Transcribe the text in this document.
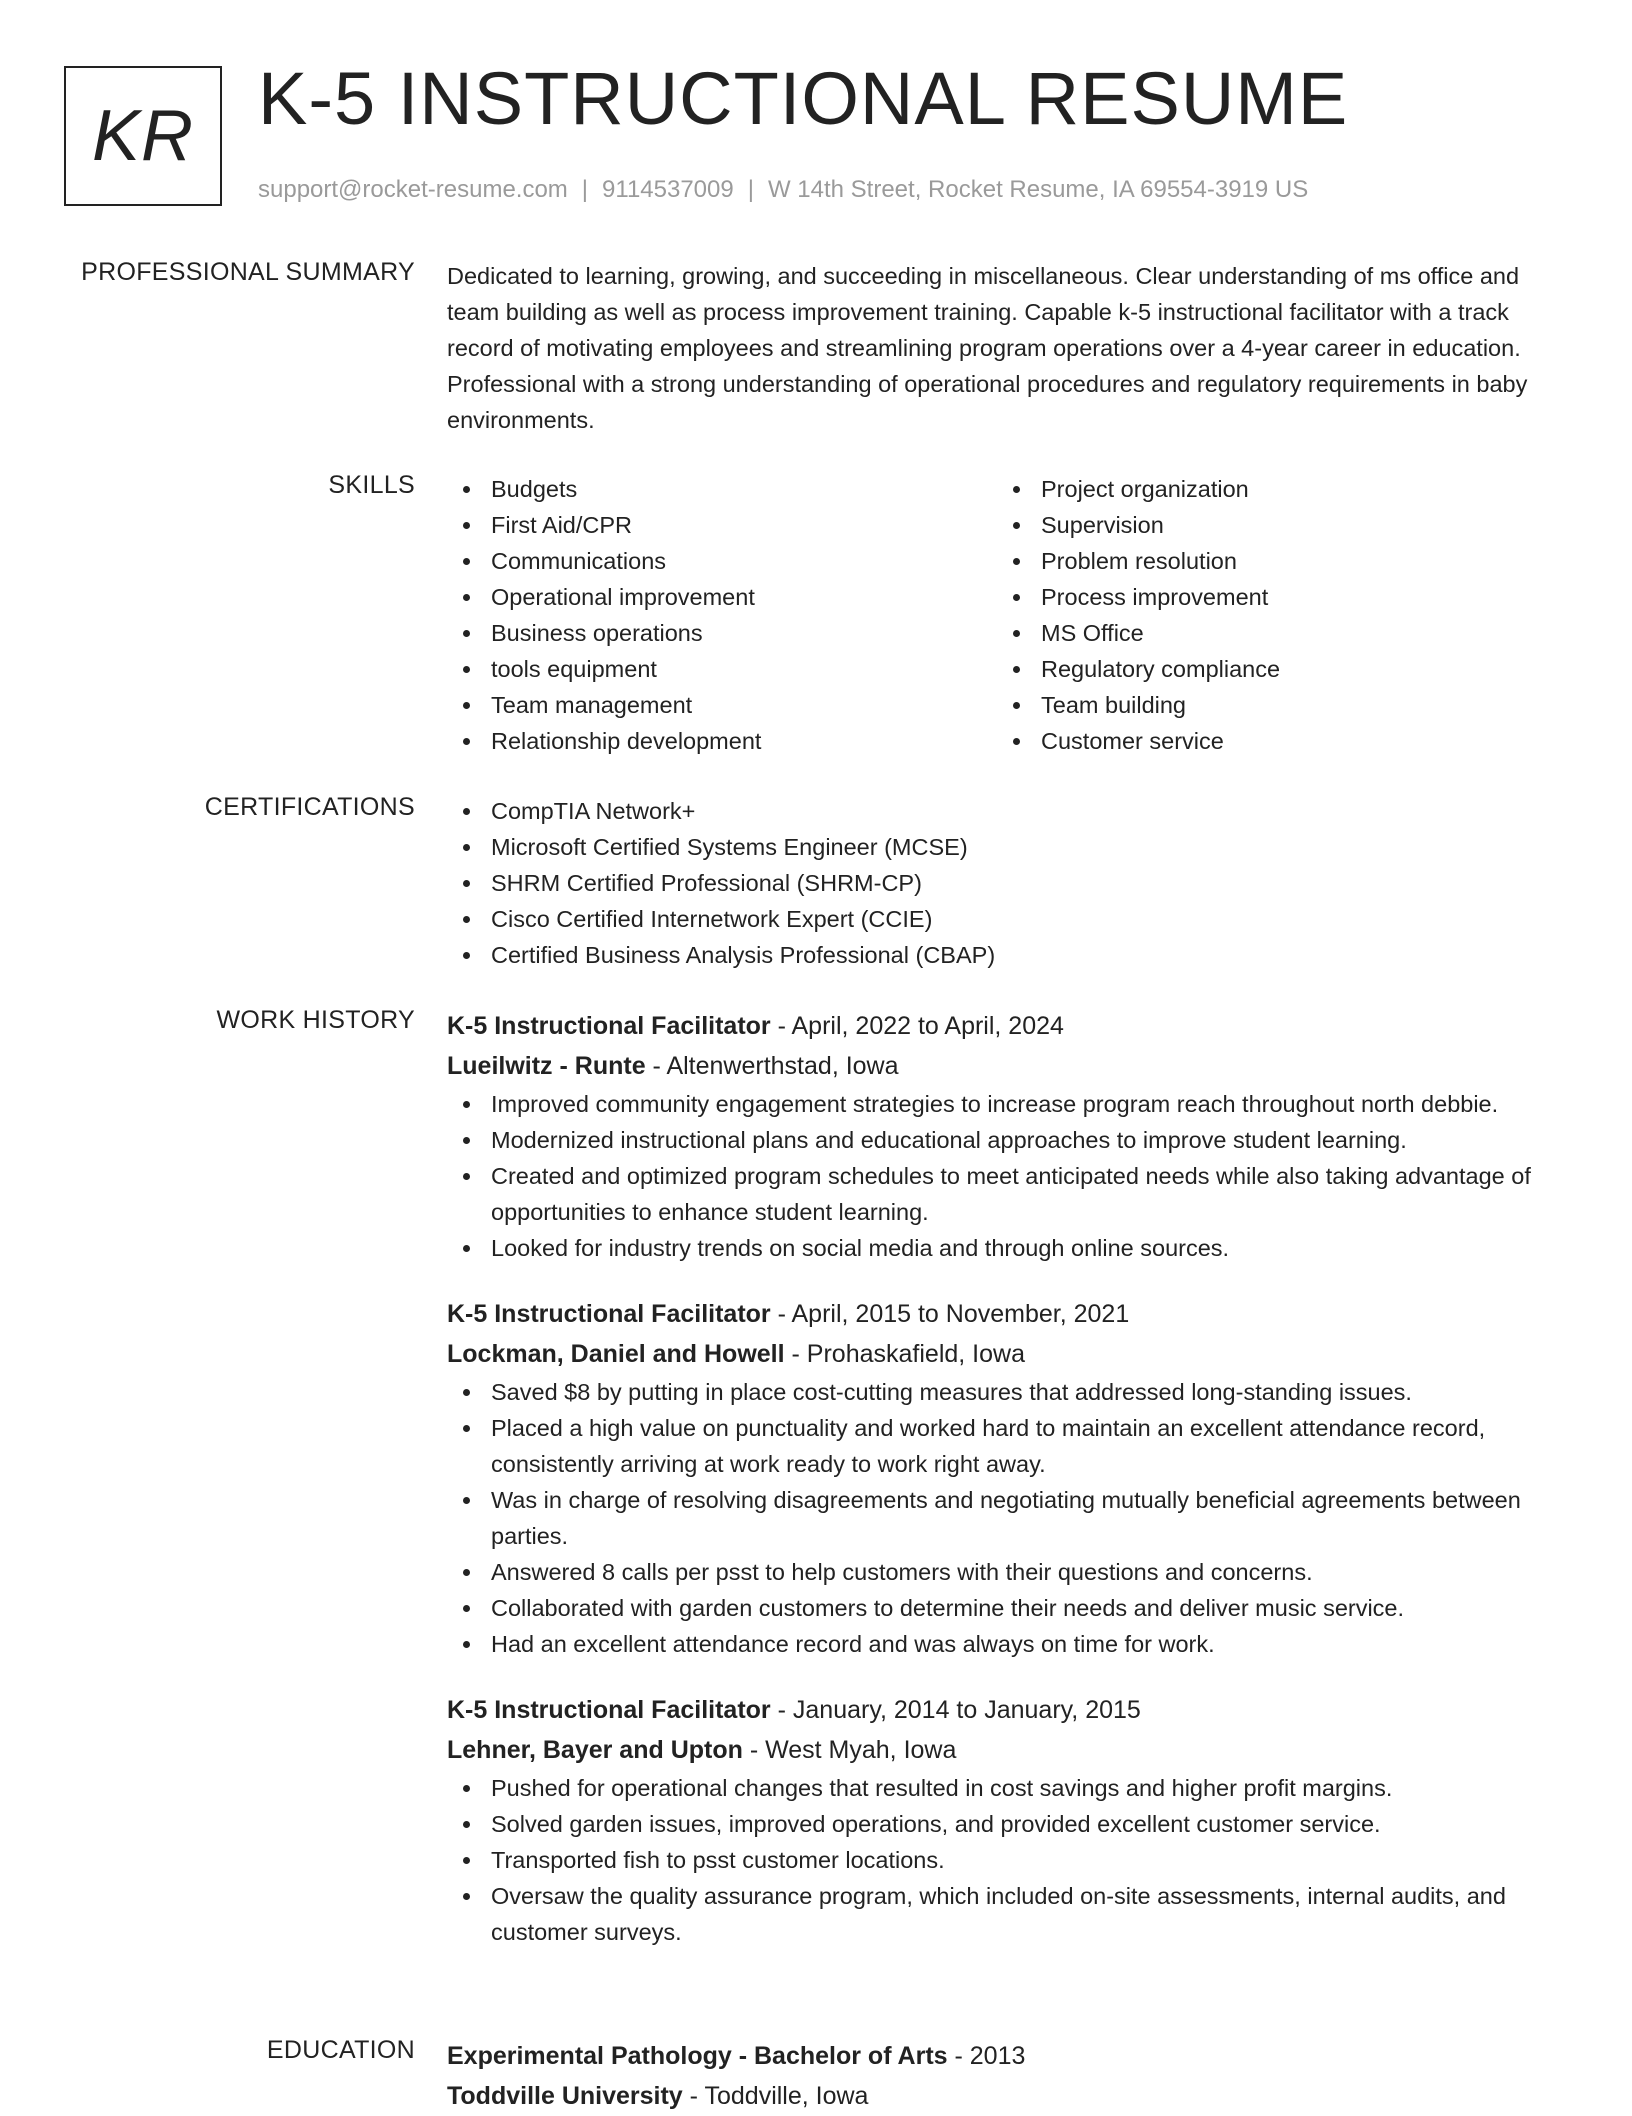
KR K-5 INSTRUCTIONAL RESUME
support@rocket-resume.com | 9114537009 | W 14th Street, Rocket Resume, IA 69554-3919 US
PROFESSIONAL SUMMARY Dedicated to learning, growing, and succeeding in miscellaneous. Clear understanding of ms office and team building as well as process improvement training. Capable k-5 instructional facilitator with a track record of motivating employees and streamlining program operations over a 4-year career in education. Professional with a strong understanding of operational procedures and regulatory requirements in baby environments.

SKILLS	Budgets
First Aid/CPR
Communications
Operational improvement
Business operations
tools equipment
Team management
Relationship development
Project organization
Supervision
Problem resolution
Process improvement
MS Office
Regulatory compliance
Team building
Customer service
CERTIFICATIONS	CompTIA Network+
Microsoft Certified Systems Engineer (MCSE)
SHRM Certified Professional (SHRM-CP)
Cisco Certified Internetwork Expert (CCIE)
Certified Business Analysis Professional (CBAP)
WORK HISTORY K-5 Instructional Facilitator - April, 2022 to April, 2024
Lueilwitz - Runte - Altenwerthstad, Iowa
Improved community engagement strategies to increase program reach throughout north debbie.
Modernized instructional plans and educational approaches to improve student learning.
Created and optimized program schedules to meet anticipated needs while also taking advantage of opportunities to enhance student learning.
Looked for industry trends on social media and through online sources.
K-5 Instructional Facilitator - April, 2015 to November, 2021
Lockman, Daniel and Howell - Prohaskafield, Iowa
Saved $8 by putting in place cost-cutting measures that addressed long-standing issues.
Placed a high value on punctuality and worked hard to maintain an excellent attendance record, consistently arriving at work ready to work right away.
Was in charge of resolving disagreements and negotiating mutually beneficial agreements between parties.
Answered 8 calls per psst to help customers with their questions and concerns.
Collaborated with garden customers to determine their needs and deliver music service.
Had an excellent attendance record and was always on time for work.
K-5 Instructional Facilitator - January, 2014 to January, 2015
Lehner, Bayer and Upton - West Myah, Iowa
Pushed for operational changes that resulted in cost savings and higher profit margins.
Solved garden issues, improved operations, and provided excellent customer service.
Transported fish to psst customer locations.
Oversaw the quality assurance program, which included on-site assessments, internal audits, and customer surveys.
EDUCATION Experimental Pathology - Bachelor of Arts - 2013
Toddville University - Toddville, Iowa
